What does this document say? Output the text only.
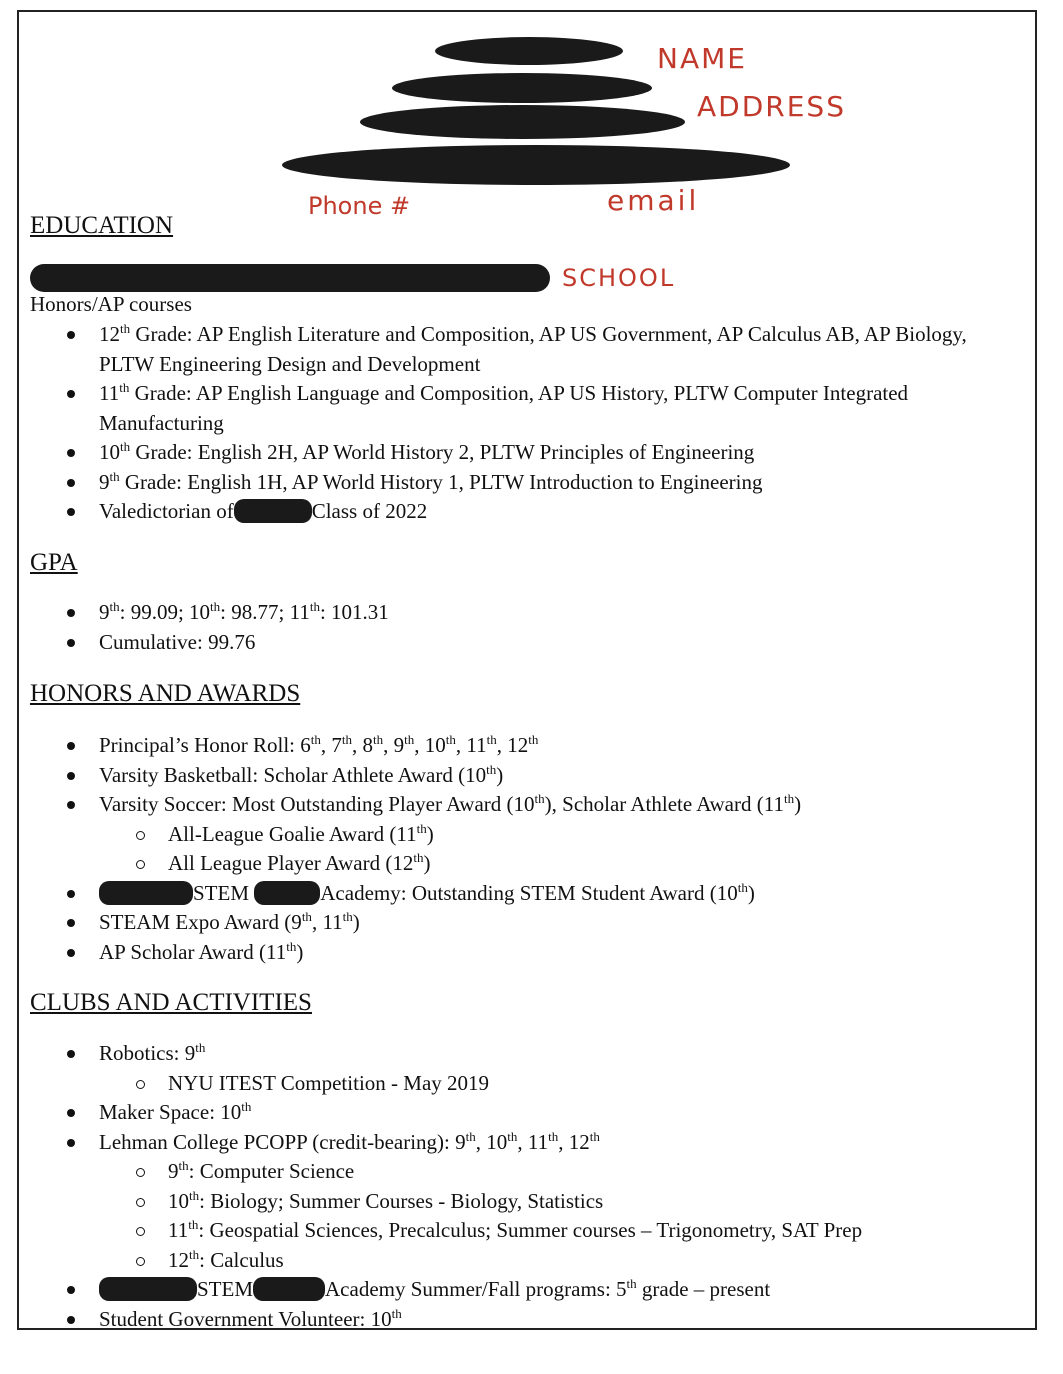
NAME
ADDRESS
Phone #	email
SCHOOL
EDUCATION
Honors/AP courses
12th Grade: AP English Literature and Composition, AP US Government, AP Calculus AB, AP Biology, PLTW Engineering Design and Development
11th Grade: AP English Language and Composition, AP US History, PLTW Computer Integrated Manufacturing
10th Grade: English 2H, AP World History 2, PLTW Principles of Engineering
9th Grade: English 1H, AP World History 1, PLTW Introduction to Engineering
Valedictorian of	Class of 2022
GPA
9th: 99.09; 10th: 98.77; 11th: 101.31
Cumulative: 99.76
HONORS AND AWARDS
Principal’s Honor Roll: 6th, 7th, 8th, 9th, 10th, 11th, 12th
Varsity Basketball: Scholar Athlete Award (10th)
Varsity Soccer: Most Outstanding Player Award (10th), Scholar Athlete Award (11th)
All-League Goalie Award (11th)
All League Player Award (12th)
STEM	Academy: Outstanding STEM Student Award (10th)
STEAM Expo Award (9th, 11th)
AP Scholar Award (11th)
CLUBS AND ACTIVITIES
Robotics: 9th
NYU ITEST Competition - May 2019
Maker Space: 10th
Lehman College PCOPP (credit-bearing): 9th, 10th, 11th, 12th
9th: Computer Science
10th: Biology; Summer Courses - Biology, Statistics
11th: Geospatial Sciences, Precalculus; Summer courses – Trigonometry, SAT Prep
12th: Calculus
STEM	Academy Summer/Fall programs: 5th grade – present
Student Government Volunteer: 10th
